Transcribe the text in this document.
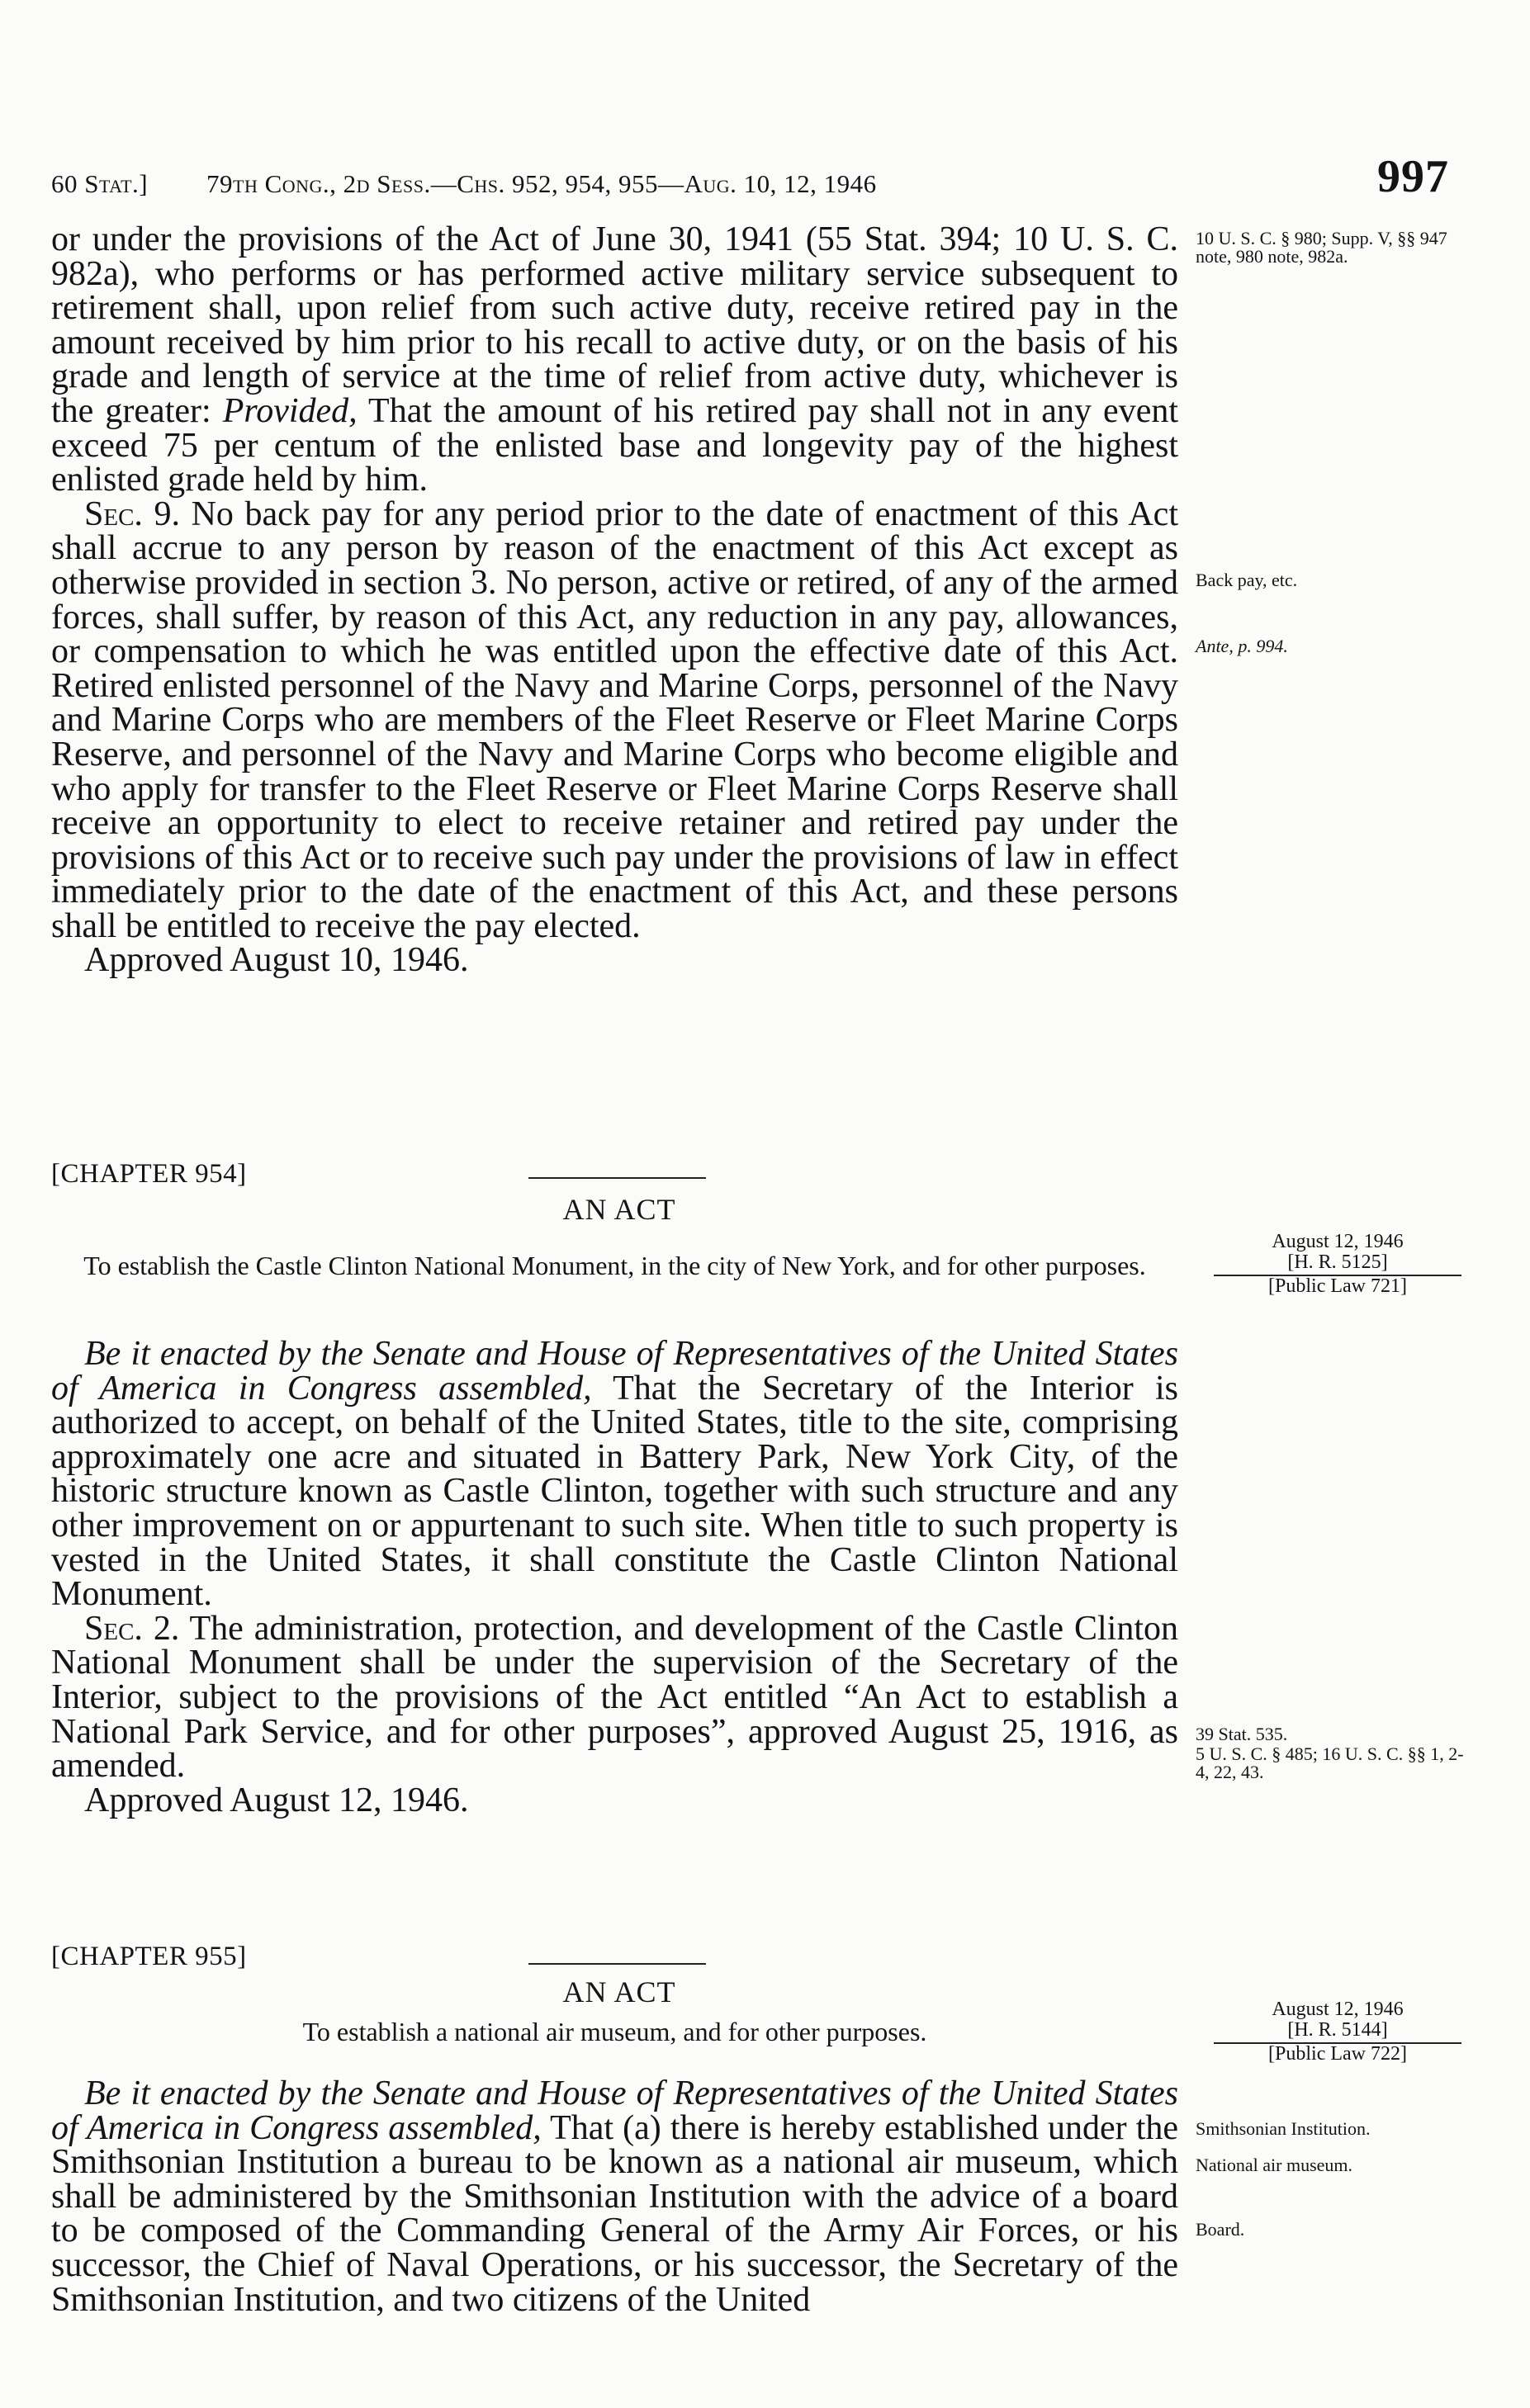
60 Stat.] 79th Cong., 2d Sess.—Chs. 952, 954, 955—Aug. 10, 12, 1946	997

or under the provisions of the Act of June 30, 1941 (55 Stat. 394; 10 U. S. C. 982a), who performs or has performed active military service subsequent to retirement shall, upon relief from such active duty, receive retired pay in the amount received by him prior to his recall to active duty, or on the basis of his grade and length of service at the time of relief from active duty, whichever is the greater: Provided, That the amount of his retired pay shall not in any event exceed 75 per centum of the enlisted base and longevity pay of the highest enlisted grade held by him.

Sec. 9. No back pay for any period prior to the date of enactment of this Act shall accrue to any person by reason of the enactment of this Act except as otherwise provided in section 3. No person, active or retired, of any of the armed forces, shall suffer, by reason of this Act, any reduction in any pay, allowances, or compensation to which he was entitled upon the effective date of this Act. Retired enlisted personnel of the Navy and Marine Corps, personnel of the Navy and Marine Corps who are members of the Fleet Reserve or Fleet Marine Corps Reserve, and personnel of the Navy and Marine Corps who become eligible and who apply for transfer to the Fleet Reserve or Fleet Marine Corps Reserve shall receive an opportunity to elect to receive retainer and retired pay under the provisions of this Act or to receive such pay under the provisions of law in effect immediately prior to the date of the enactment of this Act, and these persons shall be entitled to receive the pay elected.

Approved August 10, 1946.

10 U. S. C. § 980; Supp. V, §§ 947 note, 980 note, 982a.
Back pay, etc.
Ante, p. 994.
[CHAPTER 954]
AN ACT
To establish the Castle Clinton National Monument, in the city of New York, and for other purposes.
August 12, 1946
[H. R. 5125]
[Public Law 721]

Be it enacted by the Senate and House of Representatives of the United States of America in Congress assembled, That the Secretary of the Interior is authorized to accept, on behalf of the United States, title to the site, comprising approximately one acre and situated in Battery Park, New York City, of the historic structure known as Castle Clinton, together with such structure and any other improvement on or appurtenant to such site. When title to such property is vested in the United States, it shall constitute the Castle Clinton National Monument.

Sec. 2. The administration, protection, and development of the Castle Clinton National Monument shall be under the supervision of the Secretary of the Interior, subject to the provisions of the Act entitled “An Act to establish a National Park Service, and for other purposes”, approved August 25, 1916, as amended.

Approved August 12, 1946.

39 Stat. 535.
5 U. S. C. § 485; 16 U. S. C. §§ 1, 2-4, 22, 43.
[CHAPTER 955]
AN ACT
To establish a national air museum, and for other purposes.
August 12, 1946
[H. R. 5144]
[Public Law 722]

Be it enacted by the Senate and House of Representatives of the United States of America in Congress assembled, That (a) there is hereby established under the Smithsonian Institution a bureau to be known as a national air museum, which shall be administered by the Smithsonian Institution with the advice of a board to be composed of the Commanding General of the Army Air Forces, or his successor, the Chief of Naval Operations, or his successor, the Secretary of the Smithsonian Institution, and two citizens of the United

Smithsonian Institution.
National air museum.
Board.
